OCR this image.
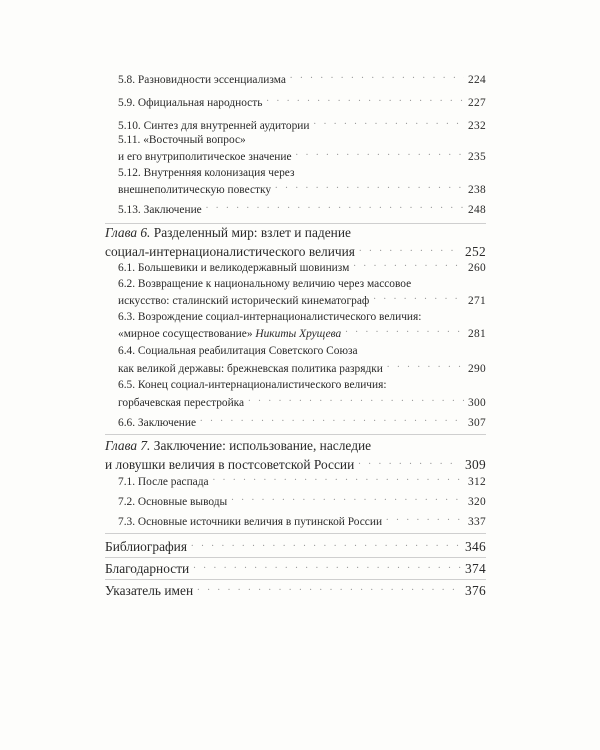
5.8. Разновидности эссенциализма . . .	224
5.9. Официальная народность . . .	227
5.10. Синтез для внутренней аудитории . . .	232
5.11. «Восточный вопрос»
и его внутриполитическое значение . . .	235
5.12. Внутренняя колонизация через
внешнеполитическую повестку . . .	238
5.13. Заключение . . .	248
Глава 6. Разделенный мир: взлет и падение
социал-интернационалистического величия . . .	252
6.1. Большевики и великодержавный шовинизм . . .	260
6.2. Возвращение к национальному величию через массовое
искусство: сталинский исторический кинематограф . . .	271
6.3. Возрождение социал-интернационалистического величия:
«мирное сосуществование» Никиты Хрущева . . .	281
6.4. Социальная реабилитация Советского Союза
как великой державы: брежневская политика разрядки . . .	290
6.5. Конец социал-интернационалистического величия:
горбачевская перестройка . . .	300
6.6. Заключение . . .	307
Глава 7. Заключение: использование, наследие
и ловушки величия в постсоветской России . . .	309
7.1. После распада . . .	312
7.2. Основные выводы . . .	320
7.3. Основные источники величия в путинской России . . .	337
Библиография . . .	346
Благодарности . . .	374
Указатель имен . . .	376
